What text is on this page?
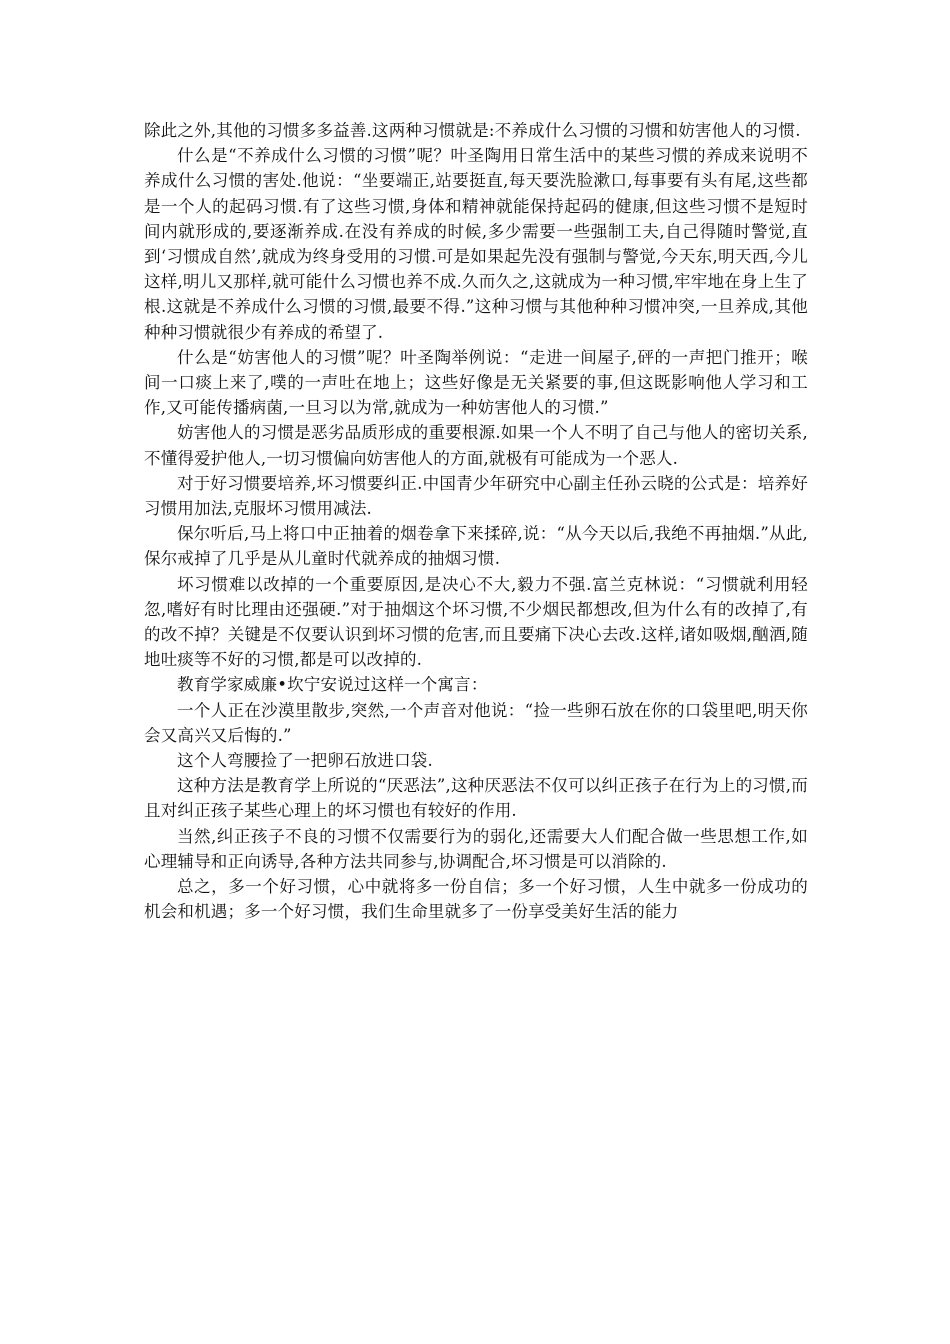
除此之外,其他的习惯多多益善.这两种习惯就是:不养成什么习惯的习惯和妨害他人的习惯.

什么是“不养成什么习惯的习惯”呢？叶圣陶用日常生活中的某些习惯的养成来说明不养成什么习惯的害处.他说：“坐要端正,站要挺直,每天要洗脸漱口,每事要有头有尾,这些都是一个人的起码习惯.有了这些习惯,身体和精神就能保持起码的健康,但这些习惯不是短时间内就形成的,要逐渐养成.在没有养成的时候,多少需要一些强制工夫,自己得随时警觉,直到‘习惯成自然’,就成为终身受用的习惯.可是如果起先没有强制与警觉,今天东,明天西,今儿这样,明儿又那样,就可能什么习惯也养不成.久而久之,这就成为一种习惯,牢牢地在身上生了根.这就是不养成什么习惯的习惯,最要不得.”这种习惯与其他种种习惯冲突,一旦养成,其他种种习惯就很少有养成的希望了.

什么是“妨害他人的习惯”呢？叶圣陶举例说：“走进一间屋子,砰的一声把门推开；喉间一口痰上来了,噗的一声吐在地上；这些好像是无关紧要的事,但这既影响他人学习和工作,又可能传播病菌,一旦习以为常,就成为一种妨害他人的习惯.”

妨害他人的习惯是恶劣品质形成的重要根源.如果一个人不明了自己与他人的密切关系,不懂得爱护他人,一切习惯偏向妨害他人的方面,就极有可能成为一个恶人.

对于好习惯要培养,坏习惯要纠正.中国青少年研究中心副主任孙云晓的公式是：培养好习惯用加法,克服坏习惯用减法.

保尔听后,马上将口中正抽着的烟卷拿下来揉碎,说：“从今天以后,我绝不再抽烟.”从此,保尔戒掉了几乎是从儿童时代就养成的抽烟习惯.

坏习惯难以改掉的一个重要原因,是决心不大,毅力不强.富兰克林说：“习惯就利用轻忽,嗜好有时比理由还强硬.”对于抽烟这个坏习惯,不少烟民都想改,但为什么有的改掉了,有的改不掉？关键是不仅要认识到坏习惯的危害,而且要痛下决心去改.这样,诸如吸烟,酗酒,随地吐痰等不好的习惯,都是可以改掉的.

教育学家威廉•坎宁安说过这样一个寓言：

一个人正在沙漠里散步,突然,一个声音对他说：“捡一些卵石放在你的口袋里吧,明天你会又高兴又后悔的.”

这个人弯腰捡了一把卵石放进口袋.

这种方法是教育学上所说的“厌恶法”,这种厌恶法不仅可以纠正孩子在行为上的习惯,而且对纠正孩子某些心理上的坏习惯也有较好的作用.

当然,纠正孩子不良的习惯不仅需要行为的弱化,还需要大人们配合做一些思想工作,如心理辅导和正向诱导,各种方法共同参与,协调配合,坏习惯是可以消除的.

总之，多一个好习惯，心中就将多一份自信；多一个好习惯，人生中就多一份成功的机会和机遇；多一个好习惯，我们生命里就多了一份享受美好生活的能力
